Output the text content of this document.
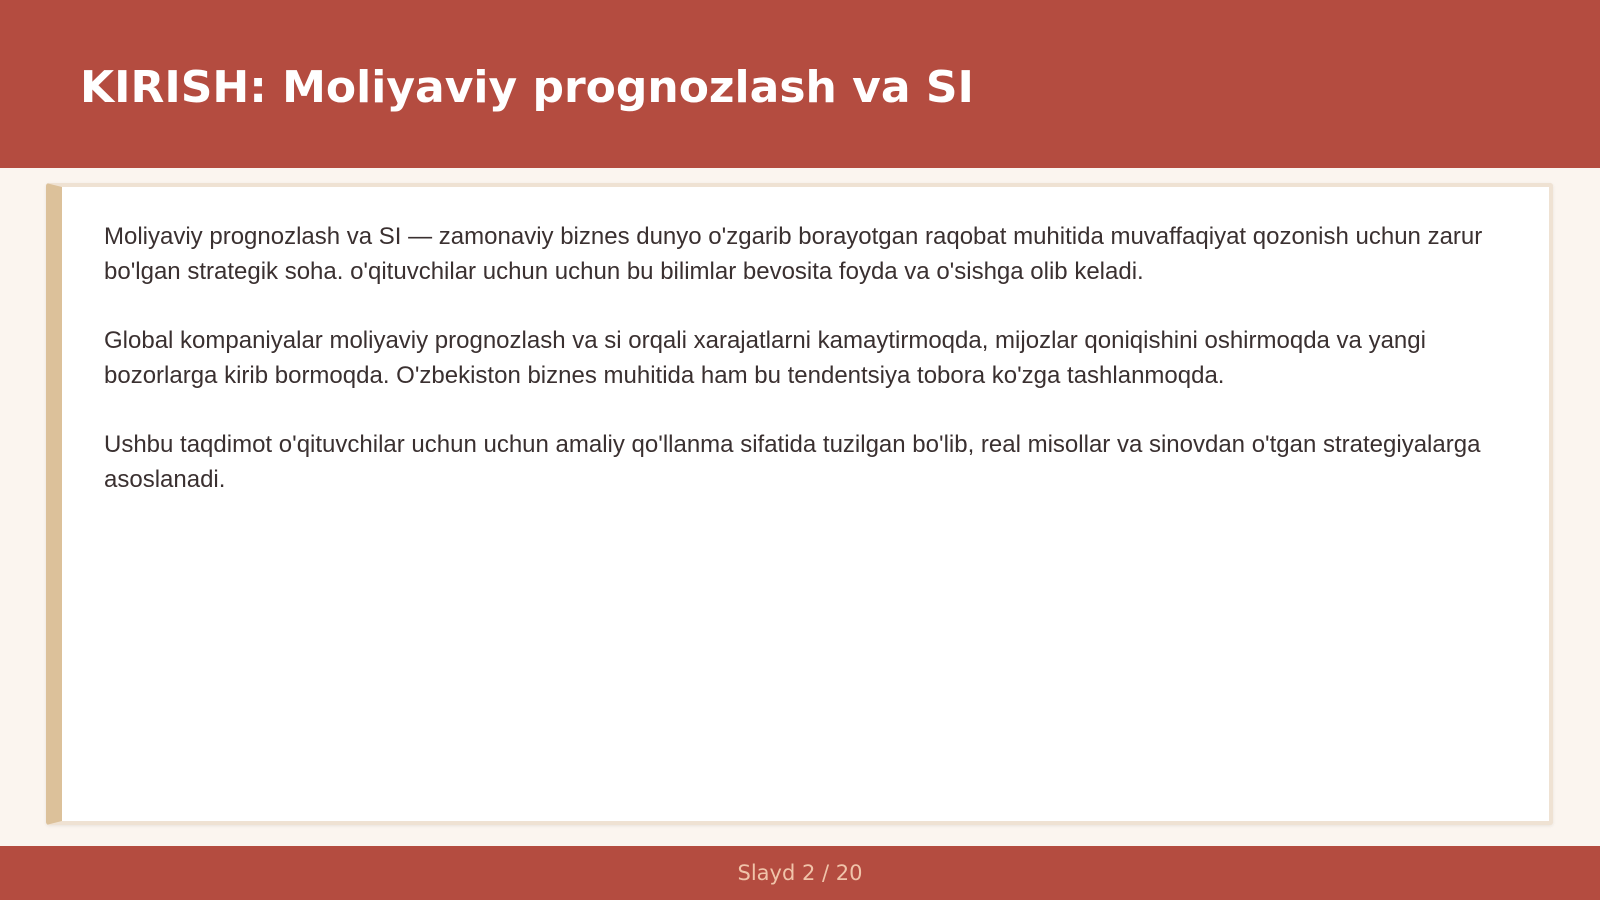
KIRISH: Moliyaviy prognozlash va SI

Moliyaviy prognozlash va SI — zamonaviy biznes dunyo o'zgarib borayotgan raqobat muhitida muvaffaqiyat qozonish uchun zarur bo'lgan strategik soha. o'qituvchilar uchun uchun bu bilimlar bevosita foyda va o'sishga olib keladi.

Global kompaniyalar moliyaviy prognozlash va si orqali xarajatlarni kamaytirmoqda, mijozlar qoniqishini oshirmoqda va yangi bozorlarga kirib bormoqda. O'zbekiston biznes muhitida ham bu tendentsiya tobora ko'zga tashlanmoqda.

Ushbu taqdimot o'qituvchilar uchun uchun amaliy qo'llanma sifatida tuzilgan bo'lib, real misollar va sinovdan o'tgan strategiyalarga asoslanadi.

Slayd 2 / 20
